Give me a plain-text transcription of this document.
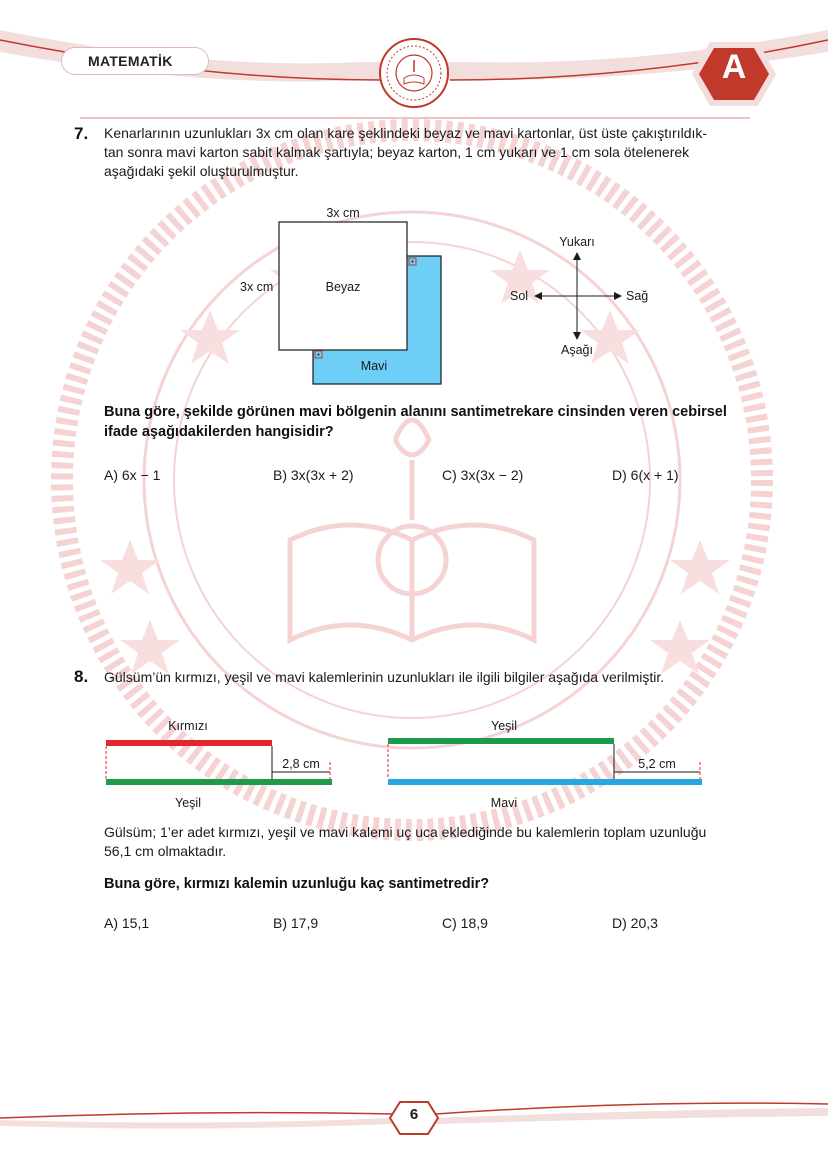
MATEMATİK	A
7. Kenarlarının uzunlukları 3x cm olan kare şeklindeki beyaz ve mavi kartonlar, üst üste çakıştırıldık-
tan sonra mavi karton sabit kalmak şartıyla; beyaz karton, 1 cm yukarı ve 1 cm sola ötelenerek
aşağıdaki şekil oluşturulmuştur.
3x cm
3x cm	Beyaz
Mavi
Yukarı
Aşağı
Sol	Sağ
Buna göre, şekilde görünen mavi bölgenin alanını santimetrekare cinsinden veren cebirsel
ifade aşağıdakilerden hangisidir?
A) 6x − 1	B) 3x(3x + 2)	C) 3x(3x − 2)	D) 6(x + 1)
8. Gülsüm’ün kırmızı, yeşil ve mavi kalemlerinin uzunlukları ile ilgili bilgiler aşağıda verilmiştir.
Kırmızı
Yeşil
2,8 cm
Yeşil
Mavi
5,2 cm
Gülsüm; 1’er adet kırmızı, yeşil ve mavi kalemi uç uca eklediğinde bu kalemlerin toplam uzunluğu
56,1 cm olmaktadır.
Buna göre, kırmızı kalemin uzunluğu kaç santimetredir?
A) 15,1	B) 17,9	C) 18,9	D) 20,3
6
